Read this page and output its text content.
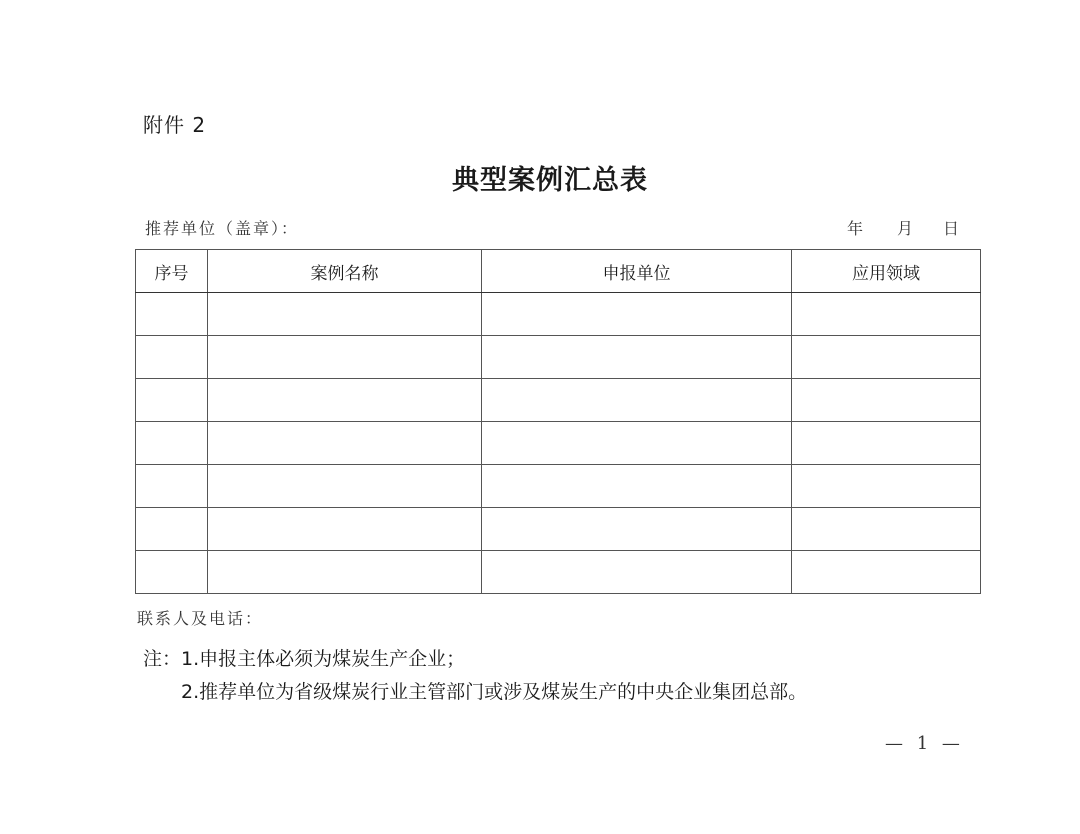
附件 2
典型案例汇总表
推荐单位（盖章）：	年	月	日
序号	案例名称	申报单位	应用领域

联系人及电话：
注： 1.申报主体必须为煤炭生产企业；
2.推荐单位为省级煤炭行业主管部门或涉及煤炭生产的中央企业集团总部。
— 1 —
